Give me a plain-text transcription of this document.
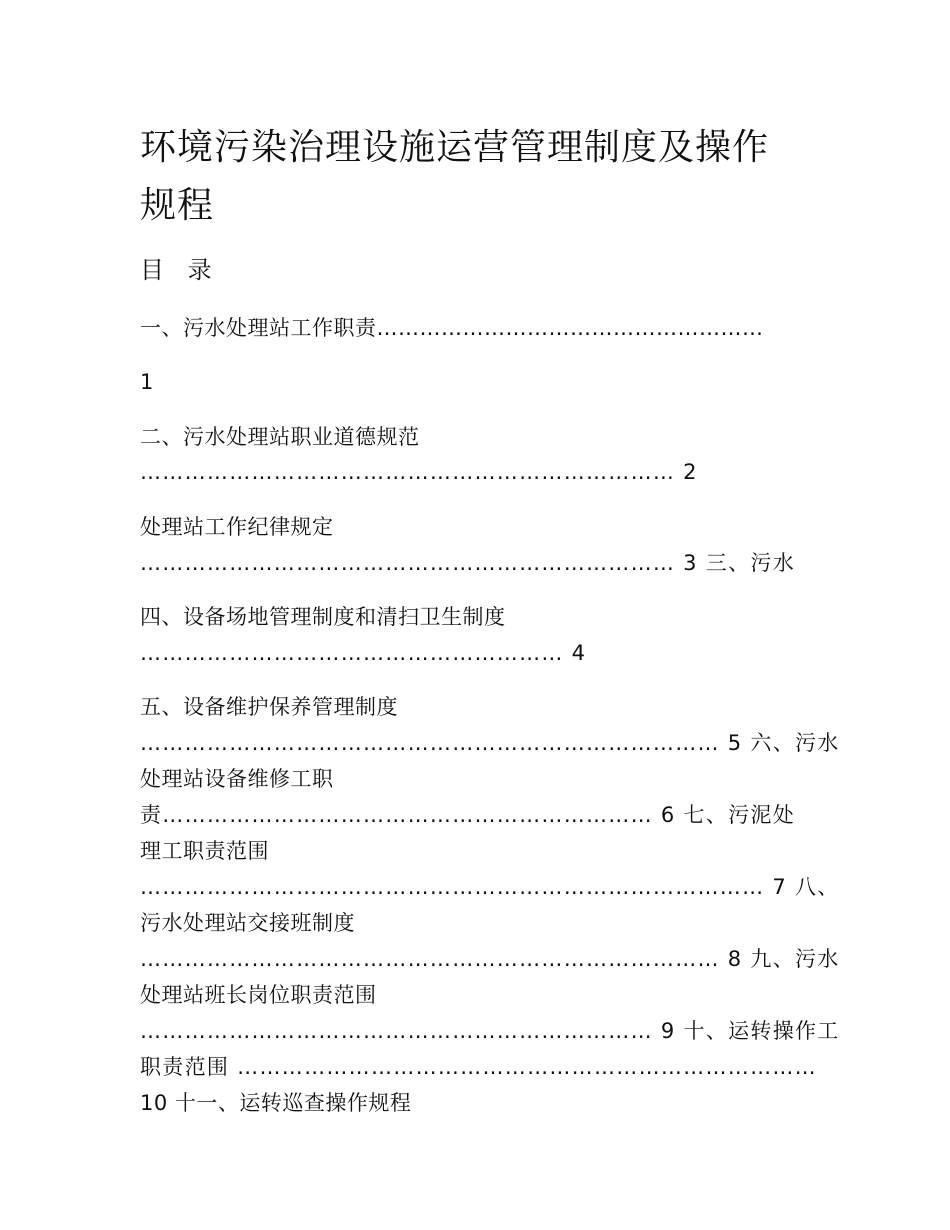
环境污染治理设施运营管理制度及操作
规程
目 录
一、污水处理站工作职责………………………………………………
1
二、污水处理站职业道德规范
……………………………………………………………… 2
处理站工作纪律规定
……………………………………………………………… 3 三、污水
四、设备场地管理制度和清扫卫生制度
………………………………………………… 4
五、设备维护保养管理制度
…………………………………………………………………… 5 六、污水
处理站设备维修工职
责………………………………………………………… 6 七、污泥处
理工职责范围
………………………………………………………………………… 7 八、
污水处理站交接班制度
…………………………………………………………………… 8 九、污水
处理站班长岗位职责范围
…………………………………………………………… 9 十、运转操作工
职责范围 ……………………………………………………………………
10 十一、运转巡查操作规程
